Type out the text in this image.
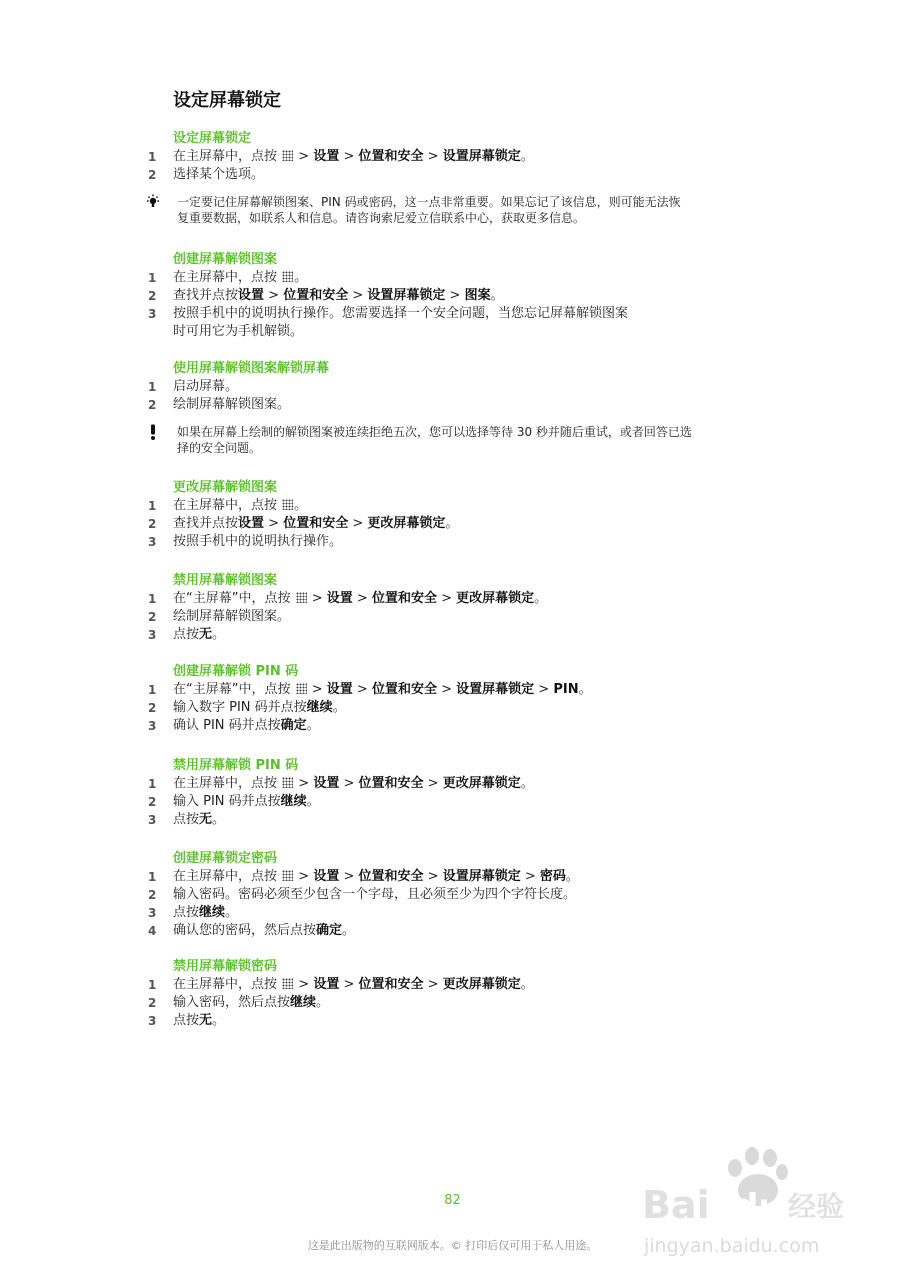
设定屏幕锁定
设定屏幕锁定
1 在主屏幕中，点按  > 设置 > 位置和安全 > 设置屏幕锁定。
2 选择某个选项。
一定要记住屏幕解锁图案、PIN 码或密码，这一点非常重要。如果忘记了该信息，则可能无法恢
复重要数据，如联系人和信息。请咨询索尼爱立信联系中心，获取更多信息。
创建屏幕解锁图案
1 在主屏幕中，点按 。
2 查找并点按设置 > 位置和安全 > 设置屏幕锁定 > 图案。
3 按照手机中的说明执行操作。您需要选择一个安全问题，当您忘记屏幕解锁图案
时可用它为手机解锁。
使用屏幕解锁图案解锁屏幕
1 启动屏幕。
2 绘制屏幕解锁图案。
如果在屏幕上绘制的解锁图案被连续拒绝五次，您可以选择等待 30 秒并随后重试，或者回答已选
择的安全问题。
更改屏幕解锁图案
1 在主屏幕中，点按 。
2 查找并点按设置 > 位置和安全 > 更改屏幕锁定。
3 按照手机中的说明执行操作。
禁用屏幕解锁图案
1 在“主屏幕”中，点按  > 设置 > 位置和安全 > 更改屏幕锁定。
2 绘制屏幕解锁图案。
3 点按无。
创建屏幕解锁 PIN 码
1 在“主屏幕”中，点按  > 设置 > 位置和安全 > 设置屏幕锁定 > PIN。
2 输入数字 PIN 码并点按继续。
3 确认 PIN 码并点按确定。
禁用屏幕解锁 PIN 码
1 在主屏幕中，点按  > 设置 > 位置和安全 > 更改屏幕锁定。
2 输入 PIN 码并点按继续。
3 点按无。
创建屏幕锁定密码
1 在主屏幕中，点按  > 设置 > 位置和安全 > 设置屏幕锁定 > 密码。
2 输入密码。密码必须至少包含一个字母，且必须至少为四个字符长度。
3 点按继续。
4 确认您的密码，然后点按确定。
禁用屏幕解锁密码
1 在主屏幕中，点按  > 设置 > 位置和安全 > 更改屏幕锁定。
2 输入密码，然后点按继续。
3 点按无。
82
这是此出版物的互联网版本。© 打印后仅可用于私人用途。
Bai du 经验
jingyan.baidu.com
